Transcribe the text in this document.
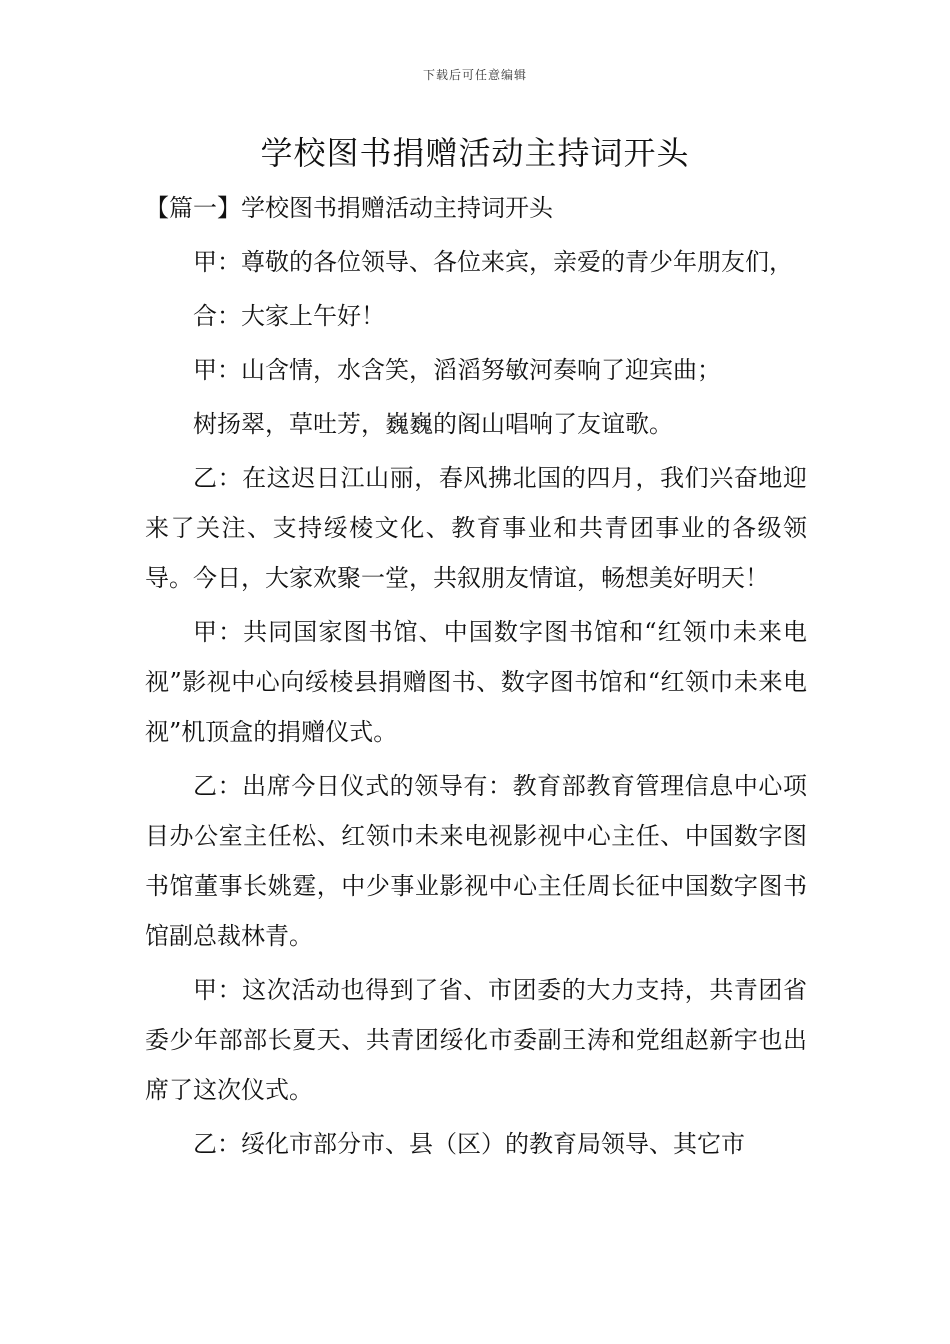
下载后可任意编辑
学校图书捐赠活动主持词开头

【篇一】学校图书捐赠活动主持词开头

甲：尊敬的各位领导、各位来宾，亲爱的青少年朋友们，

合：大家上午好！

甲：山含情，水含笑，滔滔努敏河奏响了迎宾曲；

树扬翠，草吐芳，巍巍的阁山唱响了友谊歌。

乙：在这迟日江山丽，春风拂北国的四月，我们兴奋地迎来了关注、支持绥棱文化、教育事业和共青团事业的各级领导。今日，大家欢聚一堂，共叙朋友情谊，畅想美好明天！

甲：共同国家图书馆、中国数字图书馆和“红领巾未来电视”影视中心向绥棱县捐赠图书、数字图书馆和“红领巾未来电视”机顶盒的捐赠仪式。

乙：出席今日仪式的领导有：教育部教育管理信息中心项目办公室主任松、红领巾未来电视影视中心主任、中国数字图书馆董事长姚霆，中少事业影视中心主任周长征中国数字图书馆副总裁林青。

甲：这次活动也得到了省、市团委的大力支持，共青团省委少年部部长夏天、共青团绥化市委副王涛和党组赵新宇也出席了这次仪式。

乙：绥化市部分市、县（区）的教育局领导、其它市
